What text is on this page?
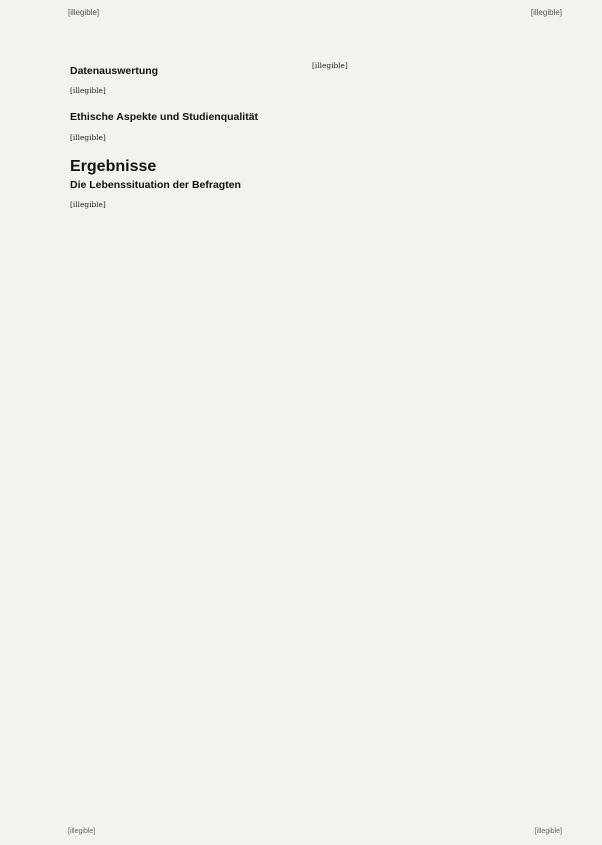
[illegible]	[illegible]
Datenauswertung

[illegible]

Ethische Aspekte und Studienqualität

[illegible]

Ergebnisse
Die Lebenssituation der Befragten

[illegible]

[illegible]

[illegible]	[illegible]
